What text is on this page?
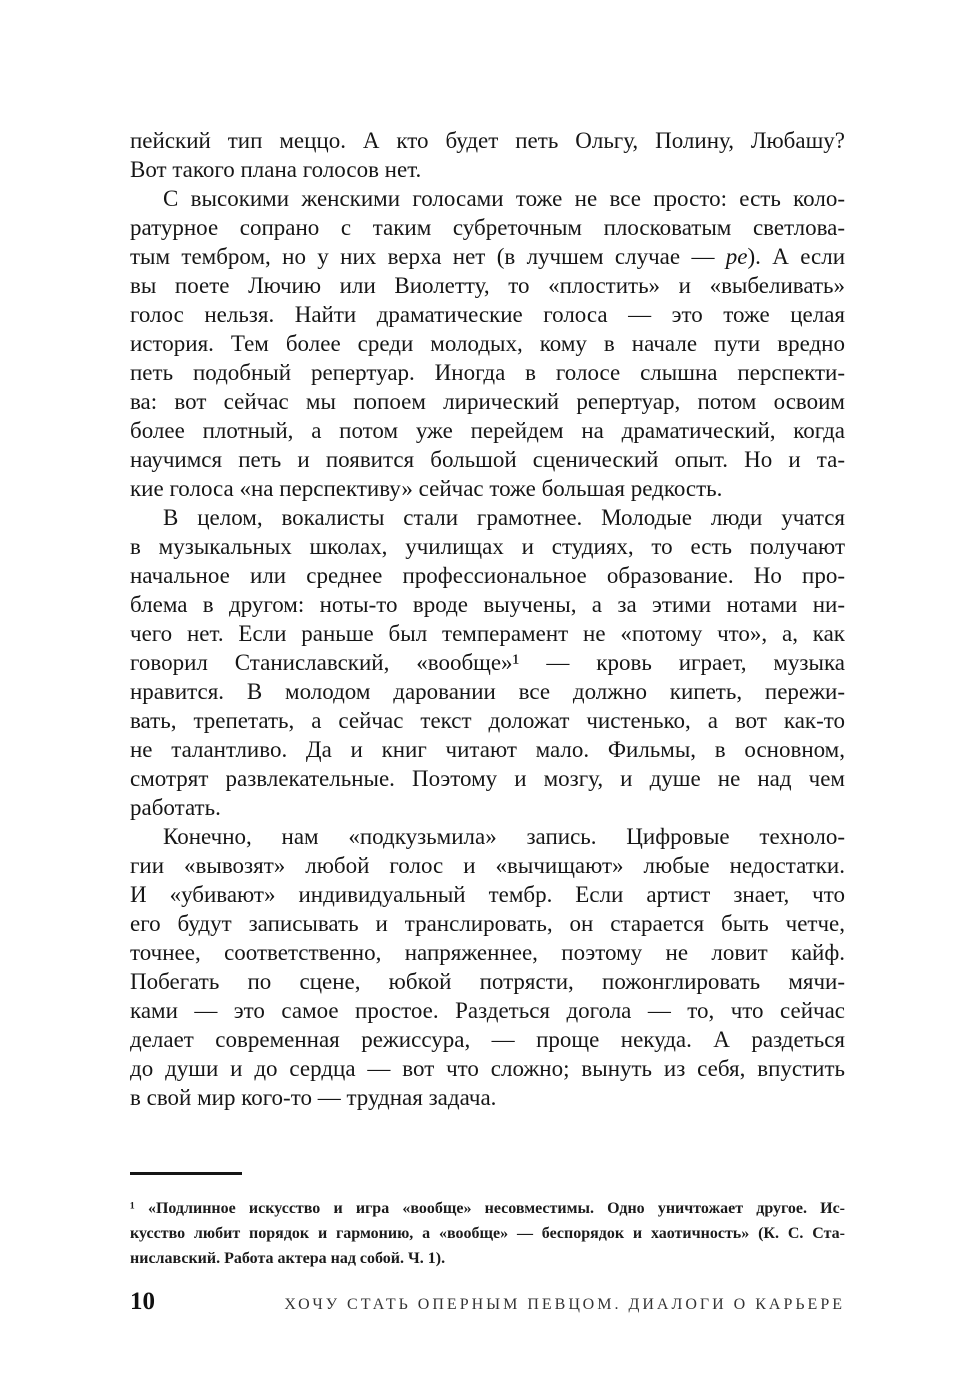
пейский тип меццо. А кто будет петь Ольгу, Полину, Любашу?
Вот такого плана голосов нет.
С высокими женскими голосами тоже не все просто: есть коло-
ратурное сопрано с таким субреточным плосковатым светлова-
тым тембром, но у них верха нет (в лучшем случае — ре). А если
вы поете Лючию или Виолетту, то «плостить» и «выбеливать»
голос нельзя. Найти драматические голоса — это тоже целая
история. Тем более среди молодых, кому в начале пути вредно
петь подобный репертуар. Иногда в голосе слышна перспекти-
ва: вот сейчас мы попоем лирический репертуар, потом освоим
более плотный, а потом уже перейдем на драматический, когда
научимся петь и появится большой сценический опыт. Но и та-
кие голоса «на перспективу» сейчас тоже большая редкость.
В целом, вокалисты стали грамотнее. Молодые люди учатся
в музыкальных школах, училищах и студиях, то есть получают
начальное или среднее профессиональное образование. Но про-
блема в другом: ноты-то вроде выучены, а за этими нотами ни-
чего нет. Если раньше был темперамент не «потому что», а, как
говорил Станиславский, «вообще»¹ — кровь играет, музыка
нравится. В молодом даровании все должно кипеть, пережи-
вать, трепетать, а сейчас текст доложат чистенько, а вот как-то
не талантливо. Да и книг читают мало. Фильмы, в основном,
смотрят развлекательные. Поэтому и мозгу, и душе не над чем
работать.
Конечно, нам «подкузьмила» запись. Цифровые техноло-
гии «вывозят» любой голос и «вычищают» любые недостатки.
И «убивают» индивидуальный тембр. Если артист знает, что
его будут записывать и транслировать, он старается быть четче,
точнее, соответственно, напряженнее, поэтому не ловит кайф.
Побегать по сцене, юбкой потрясти, пожонглировать мячи-
ками — это самое простое. Раздеться догола — то, что сейчас
делает современная режиссура, — проще некуда. А раздеться
до души и до сердца — вот что сложно; вынуть из себя, впустить
в свой мир кого-то — трудная задача.
¹ «Подлинное искусство и игра «вообще» несовместимы. Одно уничтожает другое. Ис-
кусство любит порядок и гармонию, а «вообще» — беспорядок и хаотичность» (К. С. Ста-
ниславский. Работа актера над собой. Ч. 1).
10	ХОЧУ СТАТЬ ОПЕРНЫМ ПЕВЦОМ. ДИАЛОГИ О КАРЬЕРЕ
